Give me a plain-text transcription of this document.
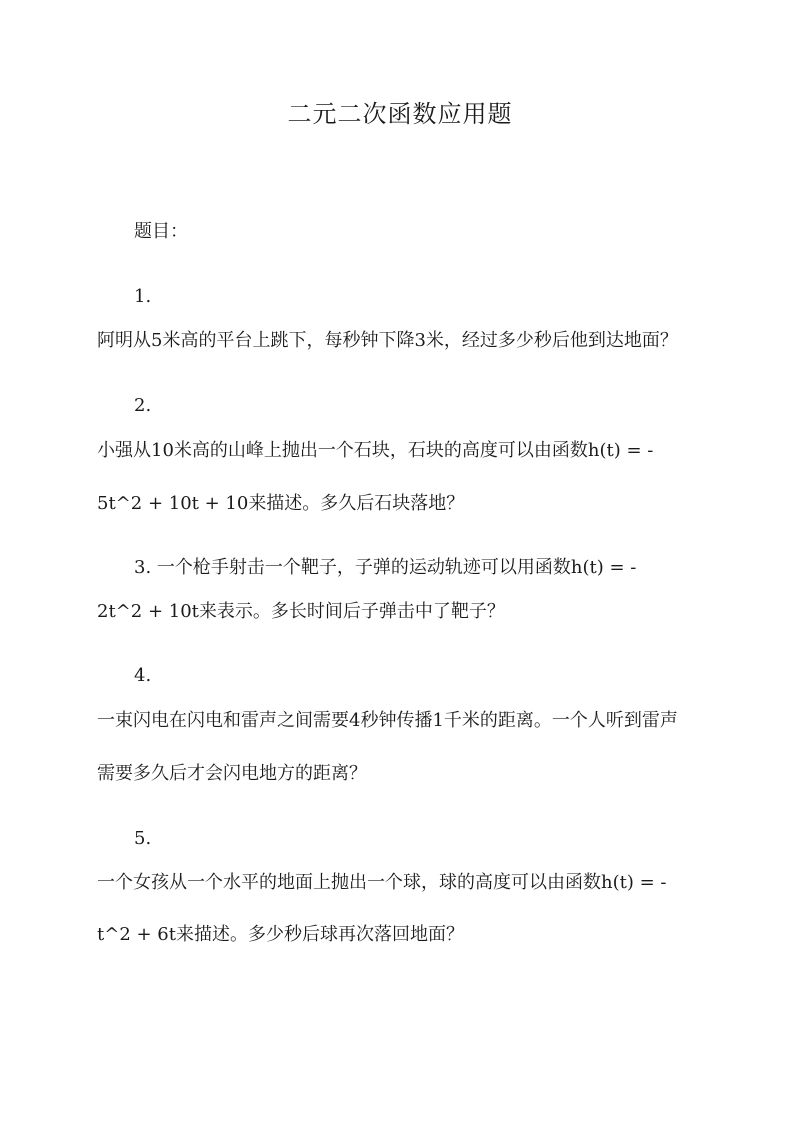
二元二次函数应用题
题目：
1.
阿明从5米高的平台上跳下，每秒钟下降3米，经过多少秒后他到达地面？
2.
小强从10米高的山峰上抛出一个石块，石块的高度可以由函数h(t) = -
5t^2 + 10t + 10来描述。多久后石块落地？
3. 一个枪手射击一个靶子，子弹的运动轨迹可以用函数h(t) = -
2t^2 + 10t来表示。多长时间后子弹击中了靶子？
4.
一束闪电在闪电和雷声之间需要4秒钟传播1千米的距离。一个人听到雷声
需要多久后才会闪电地方的距离？
5.
一个女孩从一个水平的地面上抛出一个球，球的高度可以由函数h(t) = -
t^2 + 6t来描述。多少秒后球再次落回地面？
